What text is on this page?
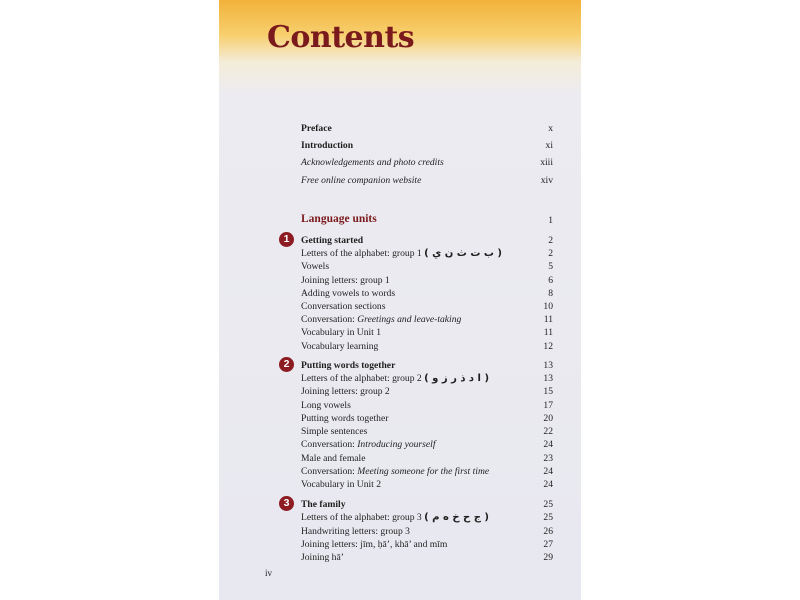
Contents
Preface	x
Introduction	xi
Acknowledgements and photo credits	xiii
Free online companion website	xiv
Language units	1
1	Getting started	2
Letters of the alphabet: group 1 ( ب ت ث ن ي )	2
Vowels	5
Joining letters: group 1	6
Adding vowels to words	8
Conversation sections	10
Conversation: Greetings and leave-taking	11
Vocabulary in Unit 1	11
Vocabulary learning	12
2	Putting words together	13
Letters of the alphabet: group 2 ( ا د ذ ر ز و )	13
Joining letters: group 2	15
Long vowels	17
Putting words together	20
Simple sentences	22
Conversation: Introducing yourself	24
Male and female	23
Conversation: Meeting someone for the first time	24
Vocabulary in Unit 2	24
3	The family	25
Letters of the alphabet: group 3 ( ج ح خ ه م )	25
Handwriting letters: group 3	26
Joining letters: jīm, ḥā’, khā’ and mīm	27
Joining hā’	29
iv
